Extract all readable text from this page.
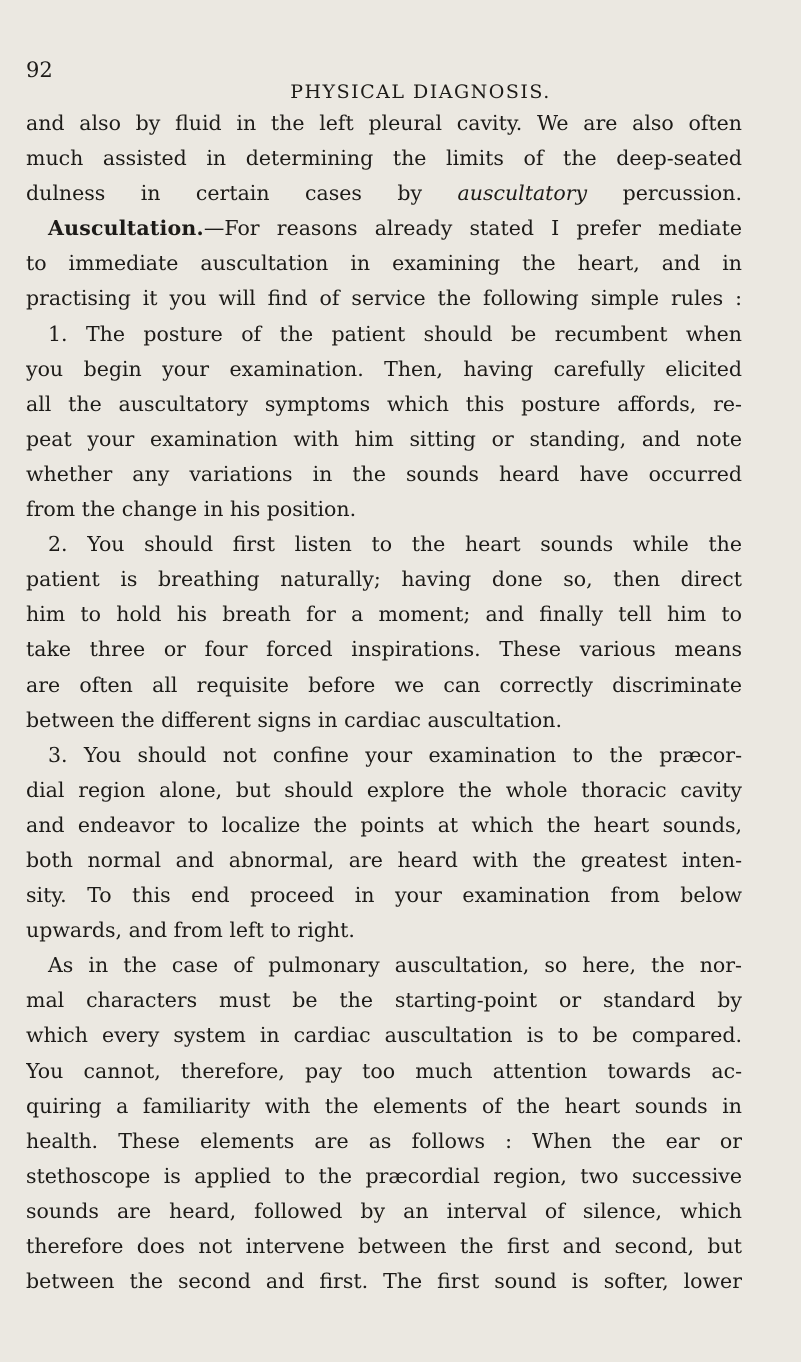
92
PHYSICAL DIAGNOSIS.
and also by fluid in the left pleural cavity. We are also often
much assisted in determining the limits of the deep-seated
dulness in certain cases by auscultatory percussion.
Auscultation.—For reasons already stated I prefer mediate
to immediate auscultation in examining the heart, and in
practising it you will find of service the following simple rules :
1. The posture of the patient should be recumbent when
you begin your examination. Then, having carefully elicited
all the auscultatory symptoms which this posture affords, re-
peat your examination with him sitting or standing, and note
whether any variations in the sounds heard have occurred
from the change in his position.
2. You should first listen to the heart sounds while the
patient is breathing naturally; having done so, then direct
him to hold his breath for a moment; and finally tell him to
take three or four forced inspirations. These various means
are often all requisite before we can correctly discriminate
between the different signs in cardiac auscultation.
3. You should not confine your examination to the præcor-
dial region alone, but should explore the whole thoracic cavity
and endeavor to localize the points at which the heart sounds,
both normal and abnormal, are heard with the greatest inten-
sity. To this end proceed in your examination from below
upwards, and from left to right.
As in the case of pulmonary auscultation, so here, the nor-
mal characters must be the starting-point or standard by
which every system in cardiac auscultation is to be compared.
You cannot, therefore, pay too much attention towards ac-
quiring a familiarity with the elements of the heart sounds in
health. These elements are as follows : When the ear or
stethoscope is applied to the præcordial region, two successive
sounds are heard, followed by an interval of silence, which
therefore does not intervene between the first and second, but
between the second and first. The first sound is softer, lower
